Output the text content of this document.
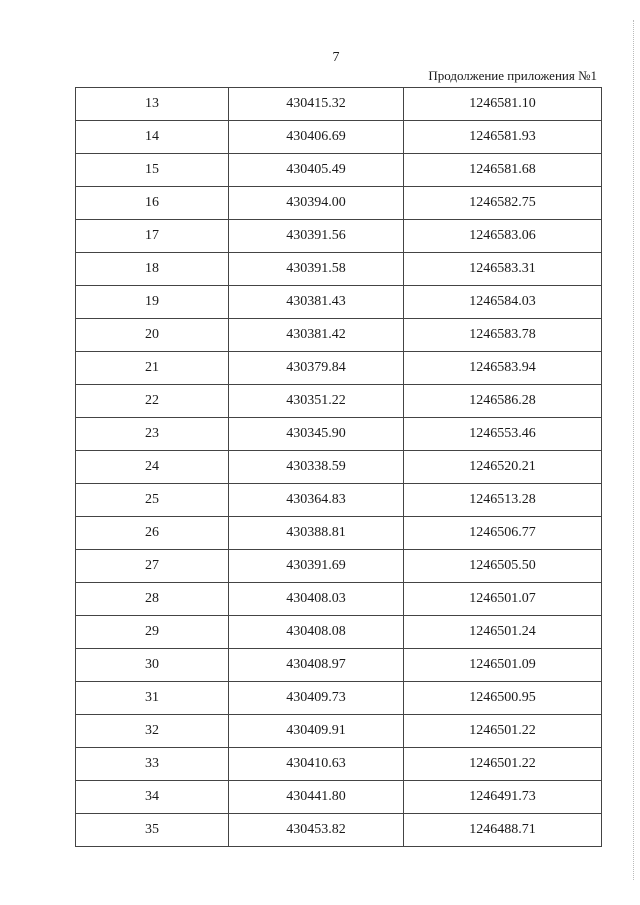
7
Продолжение приложения №1
13	430415.32	1246581.10
14	430406.69	1246581.93
15	430405.49	1246581.68
16	430394.00	1246582.75
17	430391.56	1246583.06
18	430391.58	1246583.31
19	430381.43	1246584.03
20	430381.42	1246583.78
21	430379.84	1246583.94
22	430351.22	1246586.28
23	430345.90	1246553.46
24	430338.59	1246520.21
25	430364.83	1246513.28
26	430388.81	1246506.77
27	430391.69	1246505.50
28	430408.03	1246501.07
29	430408.08	1246501.24
30	430408.97	1246501.09
31	430409.73	1246500.95
32	430409.91	1246501.22
33	430410.63	1246501.22
34	430441.80	1246491.73
35	430453.82	1246488.71
